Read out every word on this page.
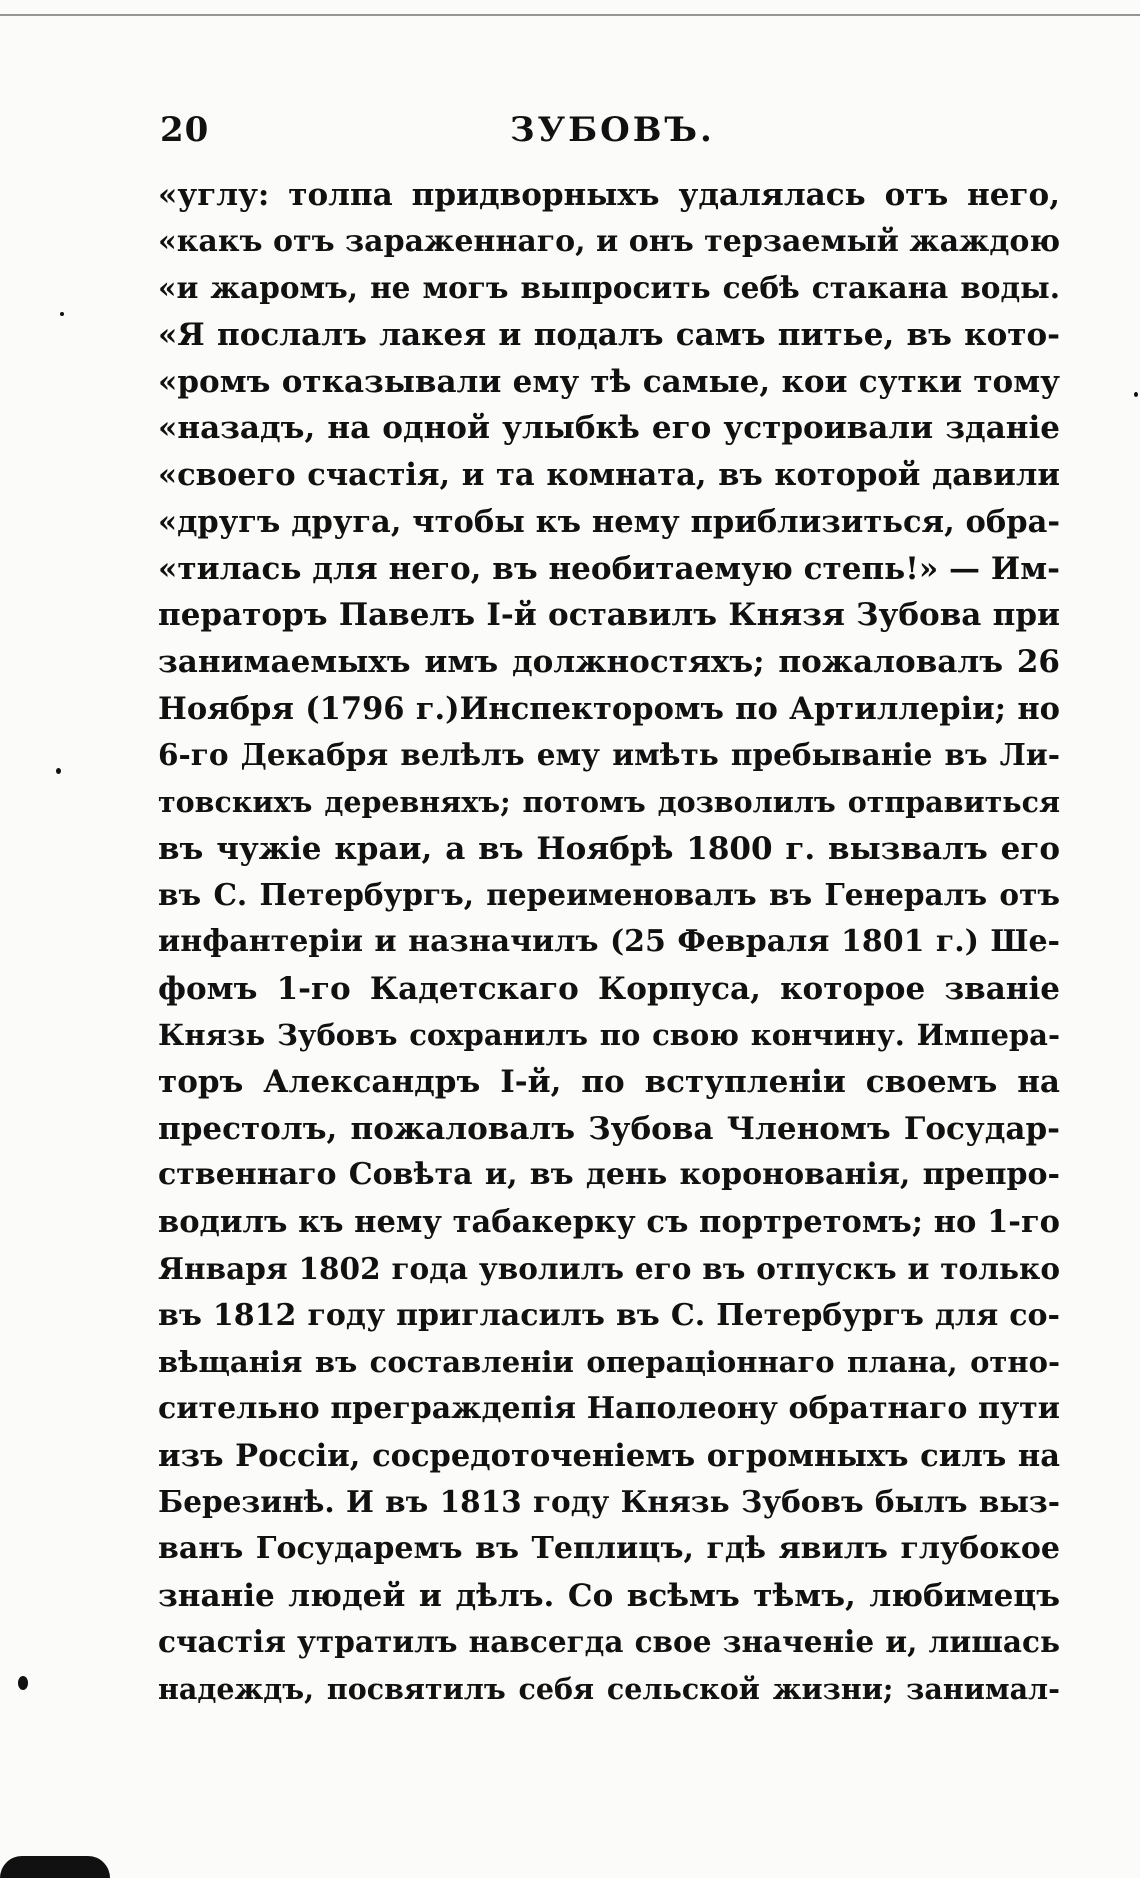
20	ЗУБОВЪ.
«углу: толпа придворныхъ удалялась отъ него,
«какъ отъ зараженнаго, и онъ терзаемый жаждою
«и жаромъ, не могъ выпросить себѣ стакана воды.
«Я послалъ лакея и подалъ самъ питье, въ кото-
«ромъ отказывали ему тѣ самые, кои сутки тому
«назадъ, на одной улыбкѣ его устроивали зданіе
«своего счастія, и та комната, въ которой давили
«другъ друга, чтобы къ нему приблизиться, обра-
«тилась для него, въ необитаемую степь!» — Им-
ператоръ Павелъ I-й оставилъ Князя Зубова при
занимаемыхъ имъ должностяхъ; пожаловалъ 26
Ноября (1796 г.)Инспекторомъ по Артиллеріи; но
6-го Декабря велѣлъ ему имѣть пребываніе въ Ли-
товскихъ деревняхъ; потомъ дозволилъ отправиться
въ чужіе краи, а въ Ноябрѣ 1800 г. вызвалъ его
въ С. Петербургъ, переименовалъ въ Генералъ отъ
инфантеріи и назначилъ (25 Февраля 1801 г.) Ше-
фомъ 1-го Кадетскаго Корпуса, которое званіе
Князь Зубовъ сохранилъ по свою кончину. Импера-
торъ Александръ I-й, по вступленіи своемъ на
престолъ, пожаловалъ Зубова Членомъ Государ-
ственнаго Совѣта и, въ день коронованія, препро-
водилъ къ нему табакерку съ портретомъ; но 1-го
Января 1802 года уволилъ его въ отпускъ и только
въ 1812 году пригласилъ въ С. Петербургъ для со-
вѣщанія въ составленіи операціоннаго плана, отно-
сительно преграждепія Наполеону обратнаго пути
изъ Россіи, сосредоточеніемъ огромныхъ силъ на
Березинѣ. И въ 1813 году Князь Зубовъ былъ выз-
ванъ Государемъ въ Теплицъ, гдѣ явилъ глубокое
знаніе людей и дѣлъ. Со всѣмъ тѣмъ, любимецъ
счастія утратилъ навсегда свое значеніе и, лишась
надеждъ, посвятилъ себя сельской жизни; занимал-
